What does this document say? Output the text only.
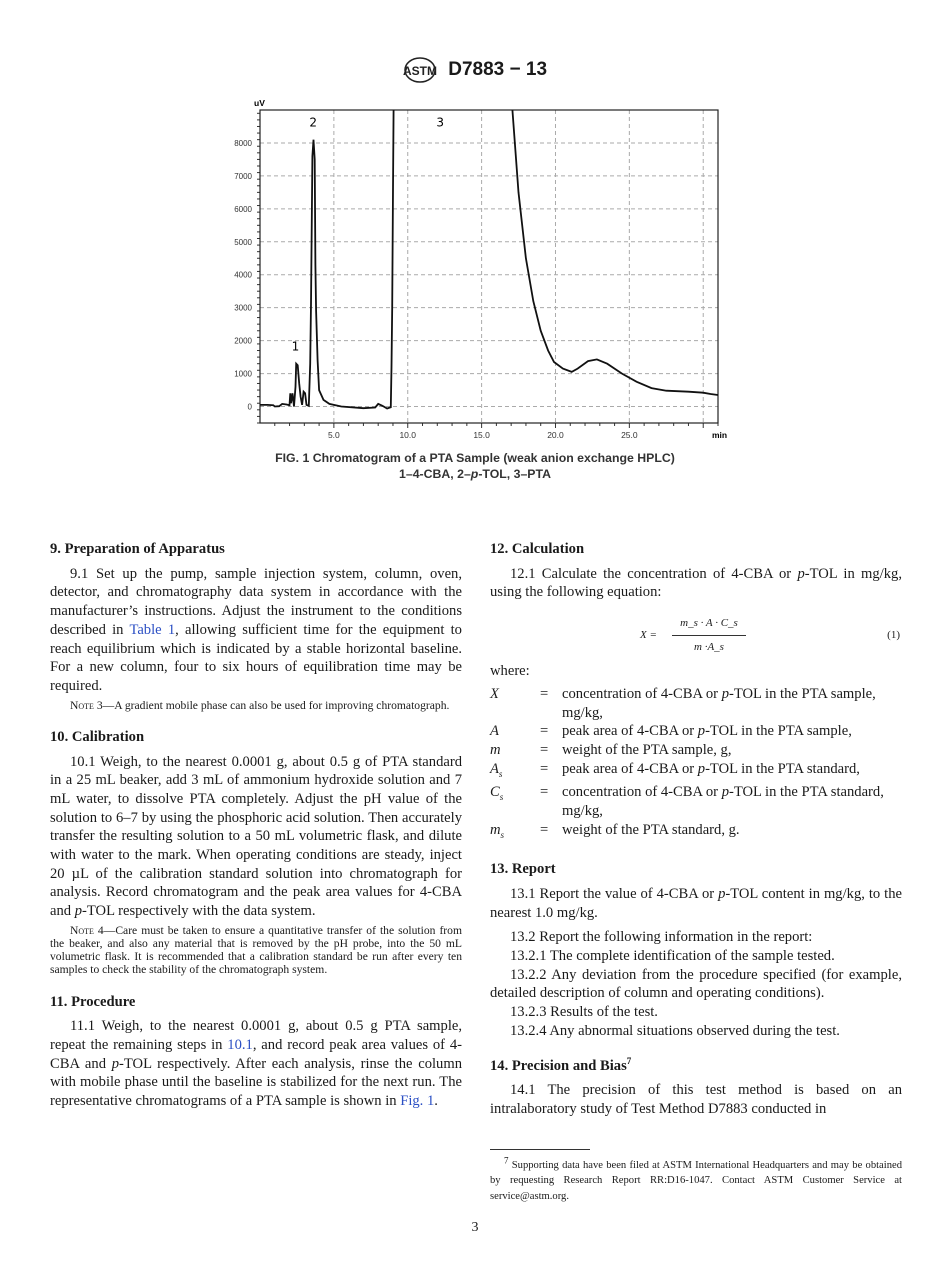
ASTM D7883 − 13
0
1000
2000
3000
4000
5000
6000
7000
8000
5.0	10.0	15.0	20.0	25.0	min
uV
1
2	3
FIG. 1 Chromatogram of a PTA Sample (weak anion exchange HPLC)
1–4-CBA, 2–p-TOL, 3–PTA
9. Preparation of Apparatus
9.1 Set up the pump, sample injection system, column, oven, detector, and chromatography data system in accordance with the manufacturer’s instructions. Adjust the instrument to the conditions described in Table 1, allowing sufficient time for the equipment to reach equilibrium which is indicated by a stable horizontal baseline. For a new column, four to six hours of equilibration time may be required.
Note 3—A gradient mobile phase can also be used for improving chromatograph.
10. Calibration
10.1 Weigh, to the nearest 0.0001 g, about 0.5 g of PTA standard in a 25 mL beaker, add 3 mL of ammonium hydroxide solution and 7 mL water, to dissolve PTA completely. Adjust the pH value of the solution to 6–7 by using the phosphoric acid solution. Then accurately transfer the resulting solution to a 50 mL volumetric flask, and dilute with water to the mark. When operating conditions are steady, inject 20 µL of the calibration standard solution into chromatograph for analysis. Record chromatogram and the peak area values for 4-CBA and p-TOL respectively with the data system.
Note 4—Care must be taken to ensure a quantitative transfer of the solution from the beaker, and also any material that is removed by the pH probe, into the 50 mL volumetric flask. It is recommended that a calibration standard be run after every ten samples to check the stability of the chromatograph system.
11. Procedure
11.1 Weigh, to the nearest 0.0001 g, about 0.5 g PTA sample, repeat the remaining steps in 10.1, and record peak area values of 4-CBA and p-TOL respectively. After each analysis, rinse the column with mobile phase until the baseline is stabilized for the next run. The representative chromatograms of a PTA sample is shown in Fig. 1.
12. Calculation
12.1 Calculate the concentration of 4-CBA or p-TOL in mg/kg, using the following equation:
$X = \frac{m\_s \cdot A \cdot C\_s}{m \cdot A\_s}$	(1)
where:
X	= concentration of 4-CBA or p-TOL in the PTA sample, mg/kg,
A	= peak area of 4-CBA or p-TOL in the PTA sample,
m	= weight of the PTA sample, g,
$A_s$	= peak area of 4-CBA or p-TOL in the PTA standard,
$C_s$	= concentration of 4-CBA or p-TOL in the PTA standard, mg/kg,
$m_s$	= weight of the PTA standard, g.
13. Report
13.1 Report the value of 4-CBA or p-TOL content in mg/kg, to the nearest 1.0 mg/kg.
13.2 Report the following information in the report:
13.2.1 The complete identification of the sample tested.
13.2.2 Any deviation from the procedure specified (for example, detailed description of column and operating conditions).
13.2.3 Results of the test.
13.2.4 Any abnormal situations observed during the test.
14. Precision and Bias$^7$
14.1 The precision of this test method is based on an intralaboratory study of Test Method D7883 conducted in
$^7$ Supporting data have been filed at ASTM International Headquarters and may be obtained by requesting Research Report RR:D16-1047. Contact ASTM Customer Service at service@astm.org.
3
